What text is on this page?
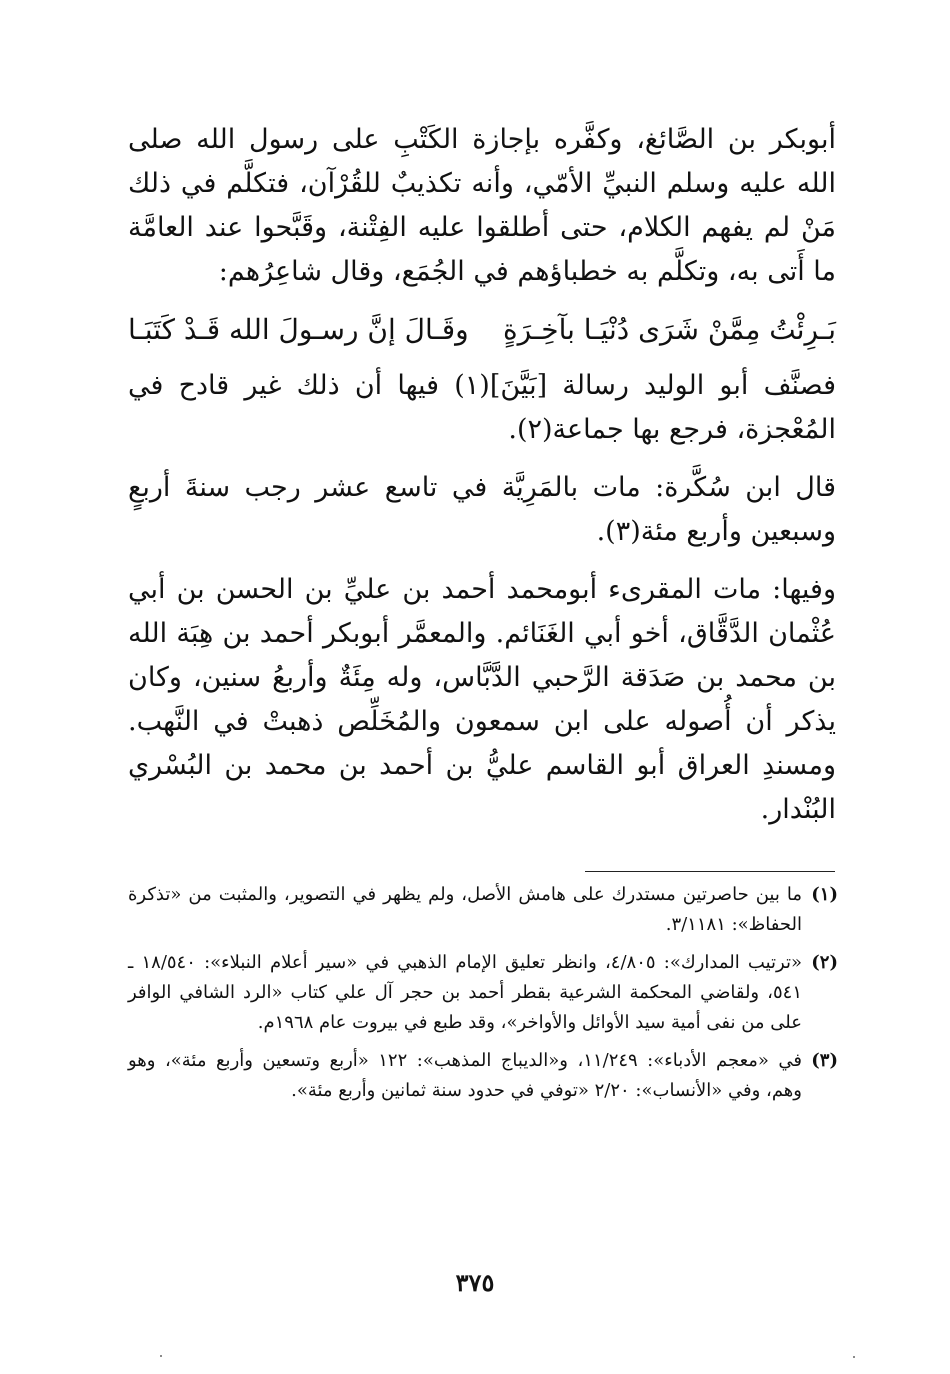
أبوبكر بن الصَّائغ، وكفَّره بإجازة الكَتْبِ على رسول الله صلى الله عليه وسلم النبيِّ الأمّي، وأنه تكذيبٌ للقُرْآن، فتكلَّم في ذلك مَنْ لم يفهم الكلام، حتى أطلقوا عليه الفِتْنة، وقَبَّحوا عند العامَّة ما أَتى به، وتكلَّم به خطباؤهم في الجُمَع، وقال شاعِرُهم:

بَـرِئْتُ مِمَّنْ شَرَى دُنْيَـا بآخِـرَةٍ
وقَـالَ إنَّ رسـولَ الله قَـدْ كَتَبَـا

فصنَّف أبو الوليد رسالة [بَيَّنَ](١) فيها أن ذلك غير قادح في المُعْجزة، فرجع بها جماعة(٢).

قال ابن سُكَّرة: مات بالمَرِيَّة في تاسع عشر رجب سنةَ أربعٍ وسبعين وأربع مئة(٣).

وفيها: مات المقرىء أبومحمد أحمد بن عليِّ بن الحسن بن أبي عُثْمان الدَّقَّاق، أخو أبي الغَنَائم. والمعمَّر أبوبكر أحمد بن هِبَة الله بن محمد بن صَدَقة الرَّحبي الدَّبَّاس، وله مِئَةٌ وأربعُ سنين، وكان يذكر أن أُصوله على ابن سمعون والمُخَلِّص ذهبتْ في النَّهب. ومسندِ العراق أبو القاسم عليُّ بن أحمد بن محمد بن البُسْري البُنْدار.

(١)
ما بين حاصرتين مستدرك على هامش الأصل، ولم يظهر في التصوير، والمثبت من «تذكرة الحفاظ»: ٣/١١٨١.
(٢)
«ترتيب المدارك»: ٤/٨٠٥، وانظر تعليق الإمام الذهبي في «سير أعلام النبلاء»: ١٨/٥٤٠ ـ ٥٤١، ولقاضي المحكمة الشرعية بقطر أحمد بن حجر آل علي كتاب «الرد الشافي الوافر على من نفى أمية سيد الأوائل والأواخر»، وقد طبع في بيروت عام ١٩٦٨م.
(٣)
في «معجم الأدباء»: ١١/٢٤٩، و«الديباج المذهب»: ١٢٢ «أربع وتسعين وأربع مئة»، وهو وهم، وفي «الأنساب»: ٢/٢٠ «توفي في حدود سنة ثمانين وأربع مئة».
٣٧٥
